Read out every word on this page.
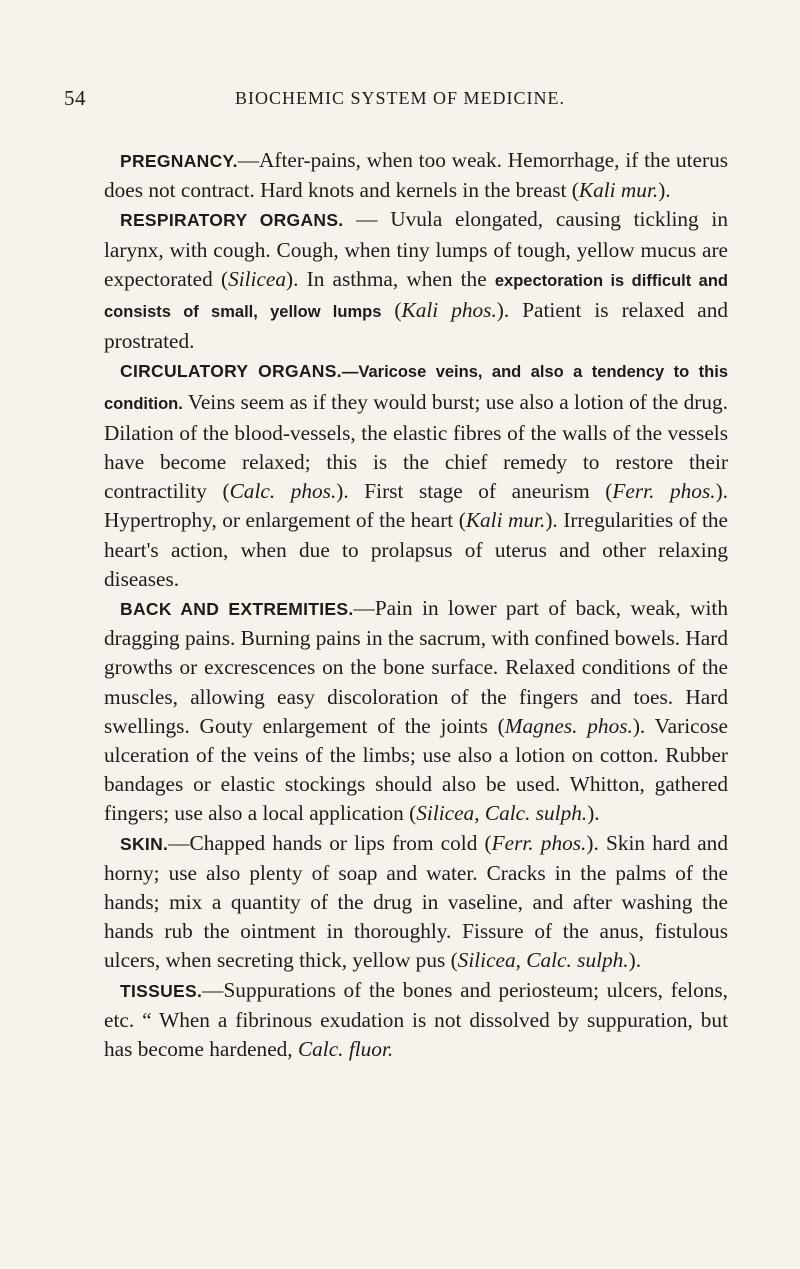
54	BIOCHEMIC SYSTEM OF MEDICINE.

PREGNANCY.—After-pains, when too weak. Hemorrhage, if the uterus does not contract. Hard knots and kernels in the breast (Kali mur.).

RESPIRATORY ORGANS. — Uvula elongated, causing tickling in larynx, with cough. Cough, when tiny lumps of tough, yellow mucus are expectorated (Silicea). In asthma, when the expectoration is difficult and consists of small, yellow lumps (Kali phos.). Patient is relaxed and prostrated.

CIRCULATORY ORGANS.—Varicose veins, and also a tendency to this condition. Veins seem as if they would burst; use also a lotion of the drug. Dilation of the blood-vessels, the elastic fibres of the walls of the vessels have become relaxed; this is the chief remedy to restore their contractility (Calc. phos.). First stage of aneurism (Ferr. phos.). Hypertrophy, or enlargement of the heart (Kali mur.). Irregularities of the heart's action, when due to prolapsus of uterus and other relaxing diseases.

BACK AND EXTREMITIES.—Pain in lower part of back, weak, with dragging pains. Burning pains in the sacrum, with confined bowels. Hard growths or excrescences on the bone surface. Relaxed conditions of the muscles, allowing easy discoloration of the fingers and toes. Hard swellings. Gouty enlargement of the joints (Magnes. phos.). Varicose ulceration of the veins of the limbs; use also a lotion on cotton. Rubber bandages or elastic stockings should also be used. Whitton, gathered fingers; use also a local application (Silicea, Calc. sulph.).

SKIN.—Chapped hands or lips from cold (Ferr. phos.). Skin hard and horny; use also plenty of soap and water. Cracks in the palms of the hands; mix a quantity of the drug in vaseline, and after washing the hands rub the ointment in thoroughly. Fissure of the anus, fistulous ulcers, when secreting thick, yellow pus (Silicea, Calc. sulph.).

TISSUES.—Suppurations of the bones and periosteum; ulcers, felons, etc. “ When a fibrinous exudation is not dissolved by suppuration, but has become hardened, Calc. fluor.
